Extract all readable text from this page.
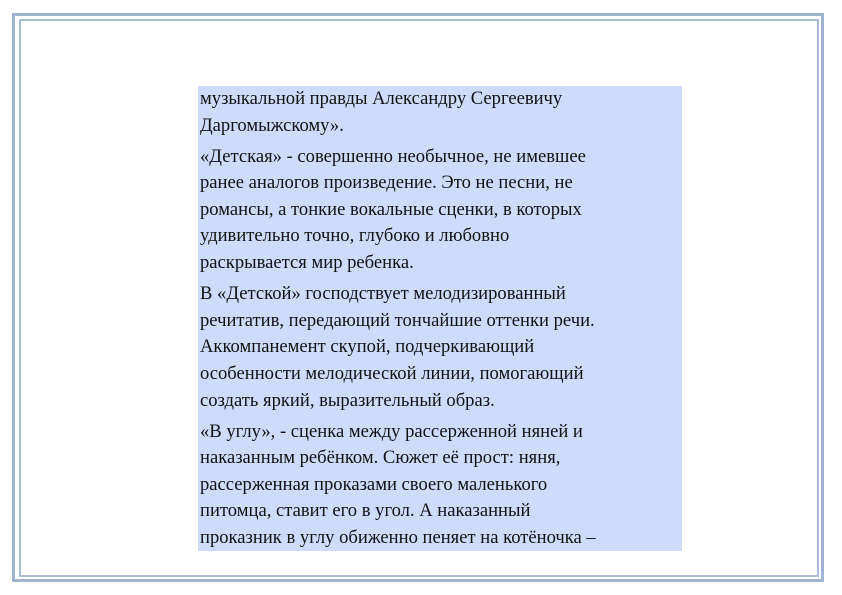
музыкальной правды Александру Сергеевичу
Даргомыжскому».
«Детская» - совершенно необычное, не имевшее
ранее аналогов произведение. Это не песни, не
романсы, а тонкие вокальные сценки, в которых
удивительно точно, глубоко и любовно
раскрывается мир ребенка.
В «Детской» господствует мелодизированный
речитатив, передающий тончайшие оттенки речи.
Аккомпанемент скупой, подчеркивающий
особенности мелодической линии, помогающий
создать яркий, выразительный образ.
«В углу», - сценка между рассерженной няней и
наказанным ребёнком. Сюжет её прост: няня,
рассерженная проказами своего маленького
питомца, ставит его в угол. А наказанный
проказник в углу обиженно пеняет на котёночка –
